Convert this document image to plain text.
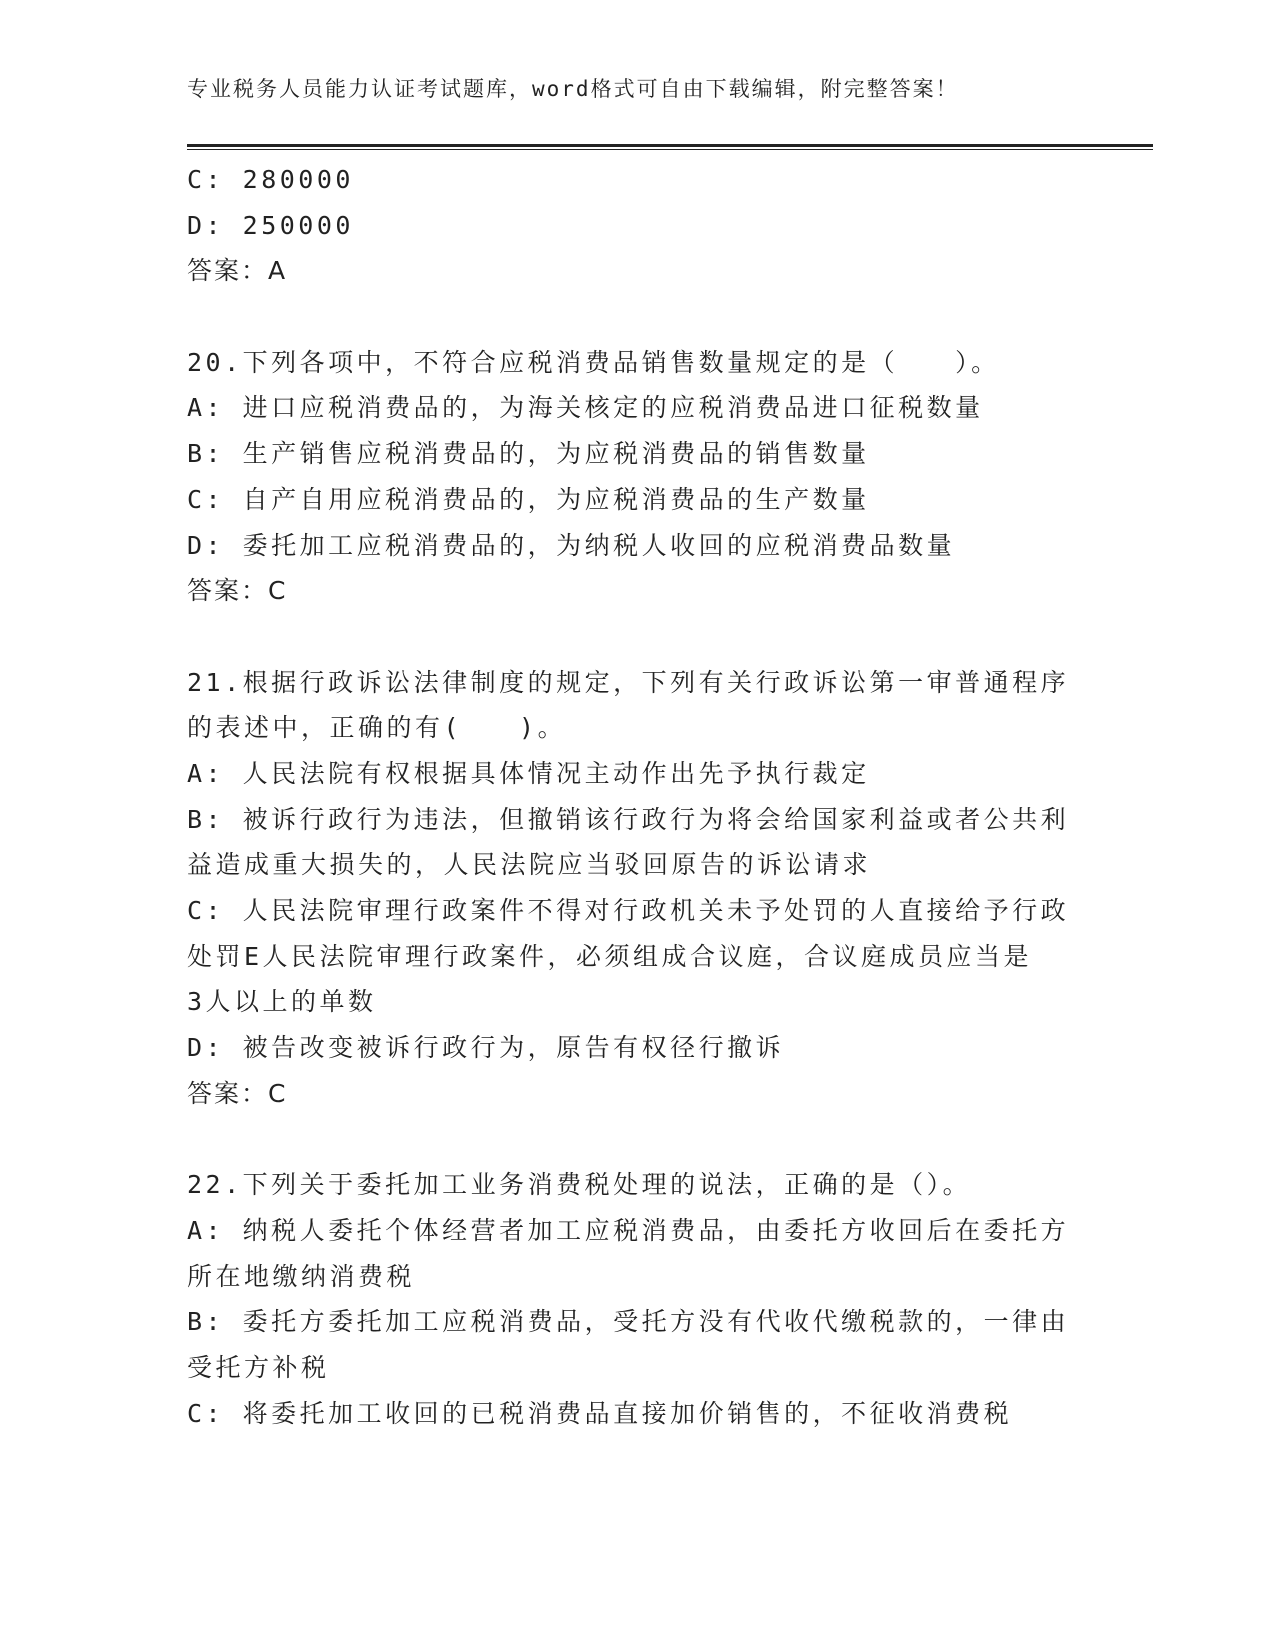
专业税务人员能力认证考试题库，word格式可自由下载编辑，附完整答案！
C: 280000
D: 250000
答案：A
20.下列各项中，不符合应税消费品销售数量规定的是（　　）。
A: 进口应税消费品的，为海关核定的应税消费品进口征税数量
B: 生产销售应税消费品的，为应税消费品的销售数量
C: 自产自用应税消费品的，为应税消费品的生产数量
D: 委托加工应税消费品的，为纳税人收回的应税消费品数量
答案：C
21.根据行政诉讼法律制度的规定，下列有关行政诉讼第一审普通程序
的表述中，正确的有(　　)。
A: 人民法院有权根据具体情况主动作出先予执行裁定
B: 被诉行政行为违法，但撤销该行政行为将会给国家利益或者公共利
益造成重大损失的，人民法院应当驳回原告的诉讼请求
C: 人民法院审理行政案件不得对行政机关未予处罚的人直接给予行政
处罚E人民法院审理行政案件，必须组成合议庭，合议庭成员应当是
3人以上的单数
D: 被告改变被诉行政行为，原告有权径行撤诉
答案：C
22.下列关于委托加工业务消费税处理的说法，正确的是（）。
A: 纳税人委托个体经营者加工应税消费品，由委托方收回后在委托方
所在地缴纳消费税
B: 委托方委托加工应税消费品，受托方没有代收代缴税款的，一律由
受托方补税
C: 将委托加工收回的已税消费品直接加价销售的，不征收消费税
